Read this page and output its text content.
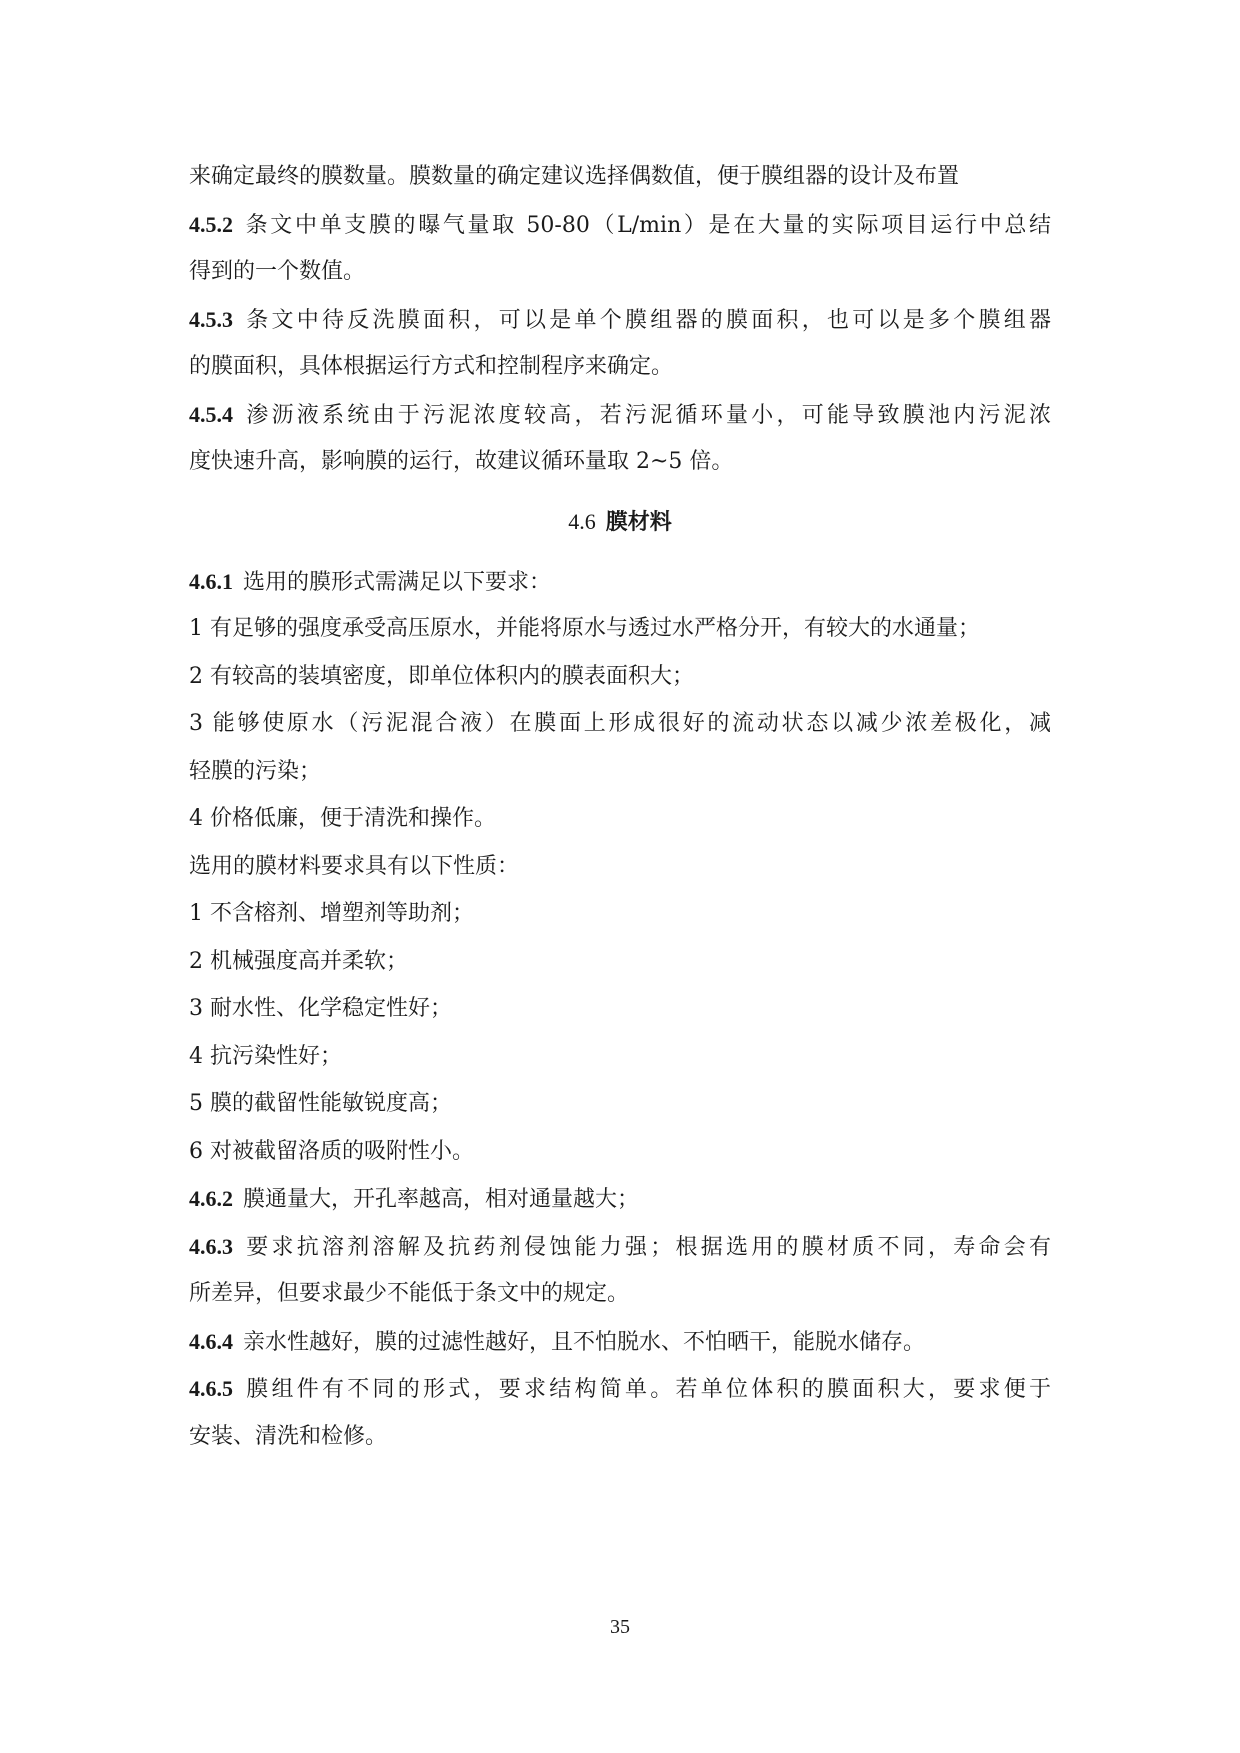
来确定最终的膜数量。膜数量的确定建议选择偶数值，便于膜组器的设计及布置
4.5.2 条文中单支膜的曝气量取 50-80（L/min）是在大量的实际项目运行中总结
得到的一个数值。
4.5.3 条文中待反洗膜面积，可以是单个膜组器的膜面积，也可以是多个膜组器
的膜面积，具体根据运行方式和控制程序来确定。
4.5.4 渗沥液系统由于污泥浓度较高，若污泥循环量小，可能导致膜池内污泥浓
度快速升高，影响膜的运行，故建议循环量取 2~5 倍。
4.6 膜材料
4.6.1 选用的膜形式需满足以下要求：
1 有足够的强度承受高压原水，并能将原水与透过水严格分开，有较大的水通量；
2 有较高的装填密度，即单位体积内的膜表面积大；
3 能够使原水（污泥混合液）在膜面上形成很好的流动状态以减少浓差极化，减
轻膜的污染；
4 价格低廉，便于清洗和操作。
选用的膜材料要求具有以下性质：
1 不含榕剂、增塑剂等助剂；
2 机械强度高并柔软；
3 耐水性、化学稳定性好；
4 抗污染性好；
5 膜的截留性能敏锐度高；
6 对被截留洛质的吸附性小。
4.6.2 膜通量大，开孔率越高，相对通量越大；
4.6.3 要求抗溶剂溶解及抗药剂侵蚀能力强；根据选用的膜材质不同，寿命会有
所差异，但要求最少不能低于条文中的规定。
4.6.4 亲水性越好，膜的过滤性越好，且不怕脱水、不怕晒干，能脱水储存。
4.6.5 膜组件有不同的形式，要求结构简单。若单位体积的膜面积大，要求便于
安装、清洗和检修。
35
